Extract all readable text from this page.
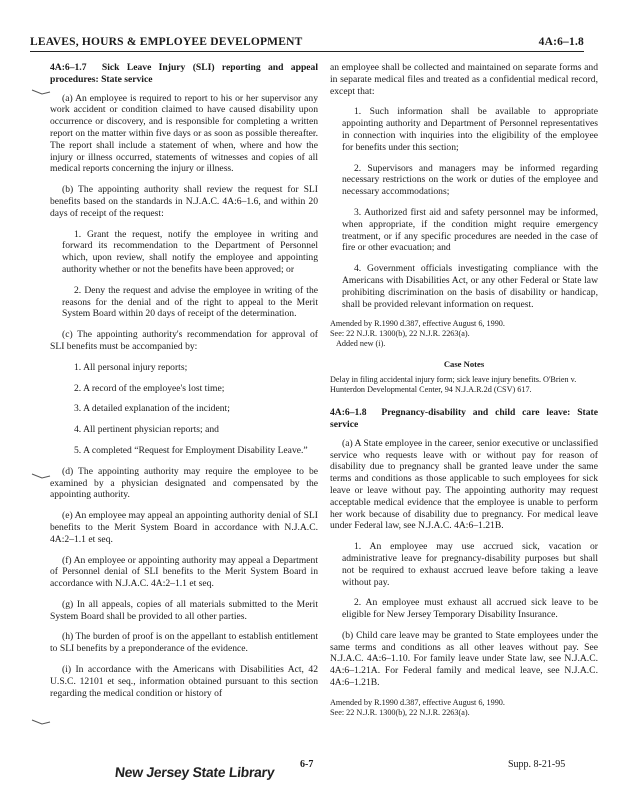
LEAVES, HOURS & EMPLOYEE DEVELOPMENT	4A:6–1.8
4A:6–1.7 Sick Leave Injury (SLI) reporting and appeal procedures: State service

(a) An employee is required to report to his or her supervisor any work accident or condition claimed to have caused disability upon occurrence or discovery, and is responsible for completing a written report on the matter within five days or as soon as possible thereafter. The report shall include a statement of when, where and how the injury or illness occurred, statements of witnesses and copies of all medical reports concerning the injury or illness.

(b) The appointing authority shall review the request for SLI benefits based on the standards in N.J.A.C. 4A:6–1.6, and within 20 days of receipt of the request:

1. Grant the request, notify the employee in writing and forward its recommendation to the Department of Personnel which, upon review, shall notify the employee and appointing authority whether or not the benefits have been approved; or

2. Deny the request and advise the employee in writing of the reasons for the denial and of the right to appeal to the Merit System Board within 20 days of receipt of the determination.

(c) The appointing authority's recommendation for approval of SLI benefits must be accompanied by:

1. All personal injury reports;

2. A record of the employee's lost time;

3. A detailed explanation of the incident;

4. All pertinent physician reports; and

5. A completed “Request for Employment Disability Leave.”

(d) The appointing authority may require the employee to be examined by a physician designated and compensated by the appointing authority.

(e) An employee may appeal an appointing authority denial of SLI benefits to the Merit System Board in accordance with N.J.A.C. 4A:2–1.1 et seq.

(f) An employee or appointing authority may appeal a Department of Personnel denial of SLI benefits to the Merit System Board in accordance with N.J.A.C. 4A:2–1.1 et seq.

(g) In all appeals, copies of all materials submitted to the Merit System Board shall be provided to all other parties.

(h) The burden of proof is on the appellant to establish entitlement to SLI benefits by a preponderance of the evidence.

(i) In accordance with the Americans with Disabilities Act, 42 U.S.C. 12101 et seq., information obtained pursuant to this section regarding the medical condition or history of

an employee shall be collected and maintained on separate forms and in separate medical files and treated as a confidential medical record, except that:

1. Such information shall be available to appropriate appointing authority and Department of Personnel representatives in connection with inquiries into the eligibility of the employee for benefits under this section;

2. Supervisors and managers may be informed regarding necessary restrictions on the work or duties of the employee and necessary accommodations;

3. Authorized first aid and safety personnel may be informed, when appropriate, if the condition might require emergency treatment, or if any specific procedures are needed in the case of fire or other evacuation; and

4. Government officials investigating compliance with the Americans with Disabilities Act, or any other Federal or State law prohibiting discrimination on the basis of disability or handicap, shall be provided relevant information on request.

Amended by R.1990 d.387, effective August 6, 1990.
See: 22 N.J.R. 1300(b), 22 N.J.R. 2263(a).
Added new (i).
Case Notes
Delay in filing accidental injury form; sick leave injury benefits. O'Brien v. Hunterdon Developmental Center, 94 N.J.A.R.2d (CSV) 617.
4A:6–1.8 Pregnancy-disability and child care leave: State service

(a) A State employee in the career, senior executive or unclassified service who requests leave with or without pay for reason of disability due to pregnancy shall be granted leave under the same terms and conditions as those applicable to such employees for sick leave or leave without pay. The appointing authority may request acceptable medical evidence that the employee is unable to perform her work because of disability due to pregnancy. For medical leave under Federal law, see N.J.A.C. 4A:6–1.21B.

1. An employee may use accrued sick, vacation or administrative leave for pregnancy-disability purposes but shall not be required to exhaust accrued leave before taking a leave without pay.

2. An employee must exhaust all accrued sick leave to be eligible for New Jersey Temporary Disability Insurance.

(b) Child care leave may be granted to State employees under the same terms and conditions as all other leaves without pay. See N.J.A.C. 4A:6–1.10. For family leave under State law, see N.J.A.C. 4A:6–1.21A. For Federal family and medical leave, see N.J.A.C. 4A:6–1.21B.

Amended by R.1990 d.387, effective August 6, 1990.
See: 22 N.J.R. 1300(b), 22 N.J.R. 2263(a).
6-7	Supp. 8-21-95
New Jersey State Library
